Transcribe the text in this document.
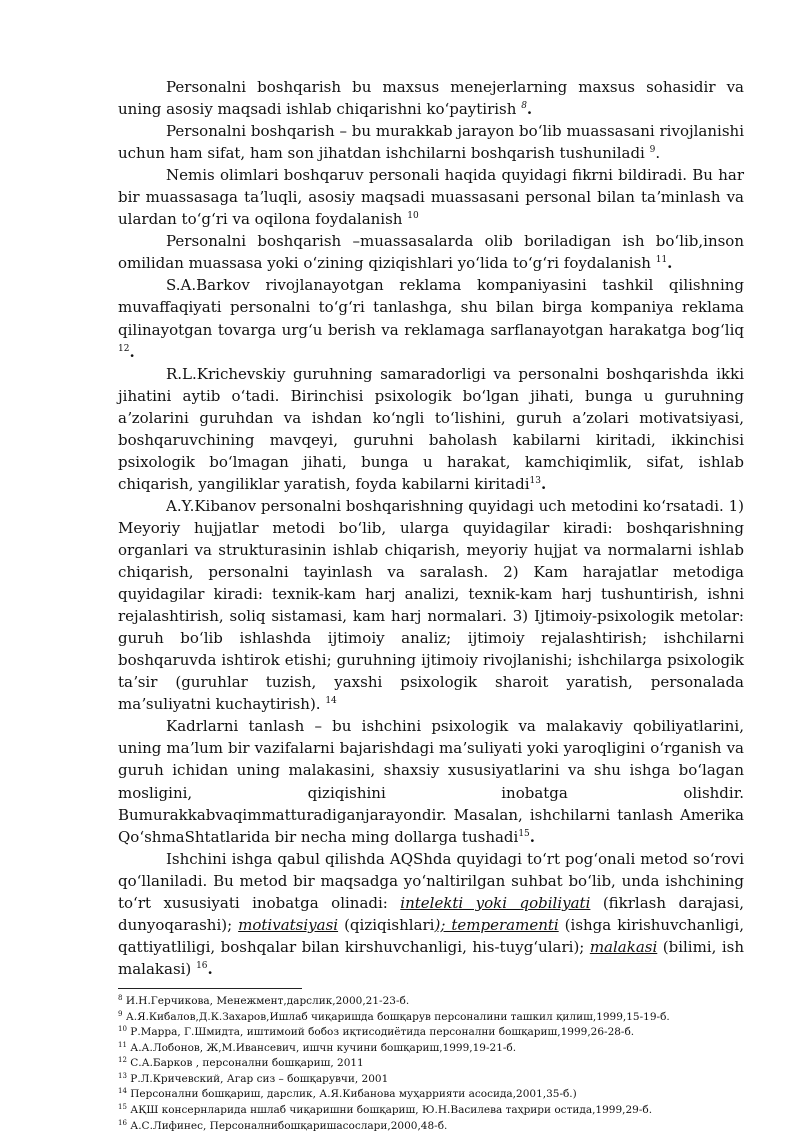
Personalni boshqarish bu maxsus menejerlarning maxsus sohasidir va uning asosiy maqsadi ishlab chiqarishni koʻpaytirish $^8$.

Personalni boshqarish – bu murakkab jarayon boʻlib muassasani rivojlanishi uchun ham sifat, ham son jihatdan ishchilarni boshqarish tushuniladi $^9$.

Nemis olimlari boshqaruv personali haqida quyidagi fikrni bildiradi. Bu har bir muassasaga taʼluqli, asosiy maqsadi muassasani personal bilan taʼminlash va ulardan toʻgʻri va oqilona foydalanish $^{10}$

Personalni boshqarish –muassasalarda olib boriladigan ish boʻlib,inson omilidan muassasa yoki oʻzining qiziqishlari yoʻlida toʻgʻri foydalanish $^{11}$.

S.A.Barkov rivojlanayotgan reklama kompaniyasini tashkil qilishning muvaffaqiyati personalni toʻgʻri tanlashga, shu bilan birga kompaniya reklama qilinayotgan tovarga urgʻu berish va reklamaga sarflanayotgan harakatga bogʻliq $^{12}$.

R.L.Krichevskiy guruhning samaradorligi va personalni boshqarishda ikki jihatini aytib oʻtadi. Birinchisi psixologik boʻlgan jihati, bunga u guruhning aʼzolarini guruhdan va ishdan koʻngli toʻlishini, guruh aʼzolari motivatsiyasi, boshqaruvchining mavqeyi, guruhni baholash kabilarni kiritadi, ikkinchisi psixologik boʻlmagan jihati, bunga u harakat, kamchiqimlik, sifat, ishlab chiqarish, yangiliklar yaratish, foyda kabilarni kiritadi$^{13}$.

A.Y.Kibanov personalni boshqarishning quyidagi uch metodini koʻrsatadi. 1) Meyoriy hujjatlar metodi boʻlib, ularga quyidagilar kiradi: boshqarishning organlari va strukturasinin ishlab chiqarish, meyoriy hujjat va normalarni ishlab chiqarish, personalni tayinlash va saralash. 2) Kam harajatlar metodiga quyidagilar kiradi: texnik-kam harj analizi, texnik-kam harj tushuntirish, ishni rejalashtirish, soliq sistamasi, kam harj normalari. 3) Ijtimoiy-psixologik metolar: guruh boʻlib ishlashda ijtimoiy analiz; ijtimoiy rejalashtirish; ishchilarni boshqaruvda ishtirok etishi; guruhning ijtimoiy rivojlanishi; ishchilarga psixologik taʼsir (guruhlar tuzish, yaxshi psixologik sharoit yaratish, personalada maʼsuliyatni kuchaytirish). $^{14}$

Kadrlarni tanlash – bu ishchini psixologik va malakaviy qobiliyatlarini, uning maʼlum bir vazifalarni bajarishdagi maʼsuliyati yoki yaroqligini oʻrganish va guruh ichidan uning malakasini, shaxsiy xususiyatlarini va shu ishga boʻlagan mosligini, qiziqishini inobatga olishdir. Bumurakkabvaqimmatturadiganjarayondir. Masalan, ishchilarni tanlash Amerika QoʻshmaShtatlarida bir necha ming dollarga tushadi$^{15}$.

Ishchini ishga qabul qilishda AQShda quyidagi toʻrt pogʻonali metod soʻrovi qoʻllaniladi. Bu metod bir maqsadga yoʻnaltirilgan suhbat boʻlib, unda ishchining toʻrt xususiyati inobatga olinadi: intelekti yoki qobiliyati (fikrlash darajasi, dunyoqarashi); motivatsiyasi (qiziqishlari); temperamenti (ishga kirishuvchanligi, qattiyatliligi, boshqalar bilan kirshuvchanligi, his-tuygʻulari); malakasi (bilimi, ish malakasi) $^{16}$.

$^8$ И.Н.Герчикова, Менежмент,дарслик,2000,21-23-б.
$^9$ А.Я.Кибалов,Д.К.Захаров,Ишлаб чиқаришда бошқарув персоналини ташкил қилиш,1999,15-19-б.
$^{10}$ Р.Марра, Г.Шмидта, иштимоий бобоз иқтисодиётида персонални бошқариш,1999,26-28-б.
$^{11}$ А.А.Лобонов, Ж,М.Ивансевич, ишчн кучини бошқариш,1999,19-21-б.
$^{12}$ С.А.Барков , персонални бошқариш, 2011
$^{13}$ Р.Л.Кричевский, Агар сиз – бошқарувчи, 2001
$^{14}$ Персонални бошқариш, дарслик, А.Я.Кибанова муҳаррияти асосида,2001,35-б.)
$^{15}$ АҚШ консернларида ншлаб чиқаришни бошқариш, Ю.Н.Василева таҳрири остида,1999,29-б.
$^{16}$ А.С.Лифинес, Персоналнибошқаришасослари,2000,48-б.
